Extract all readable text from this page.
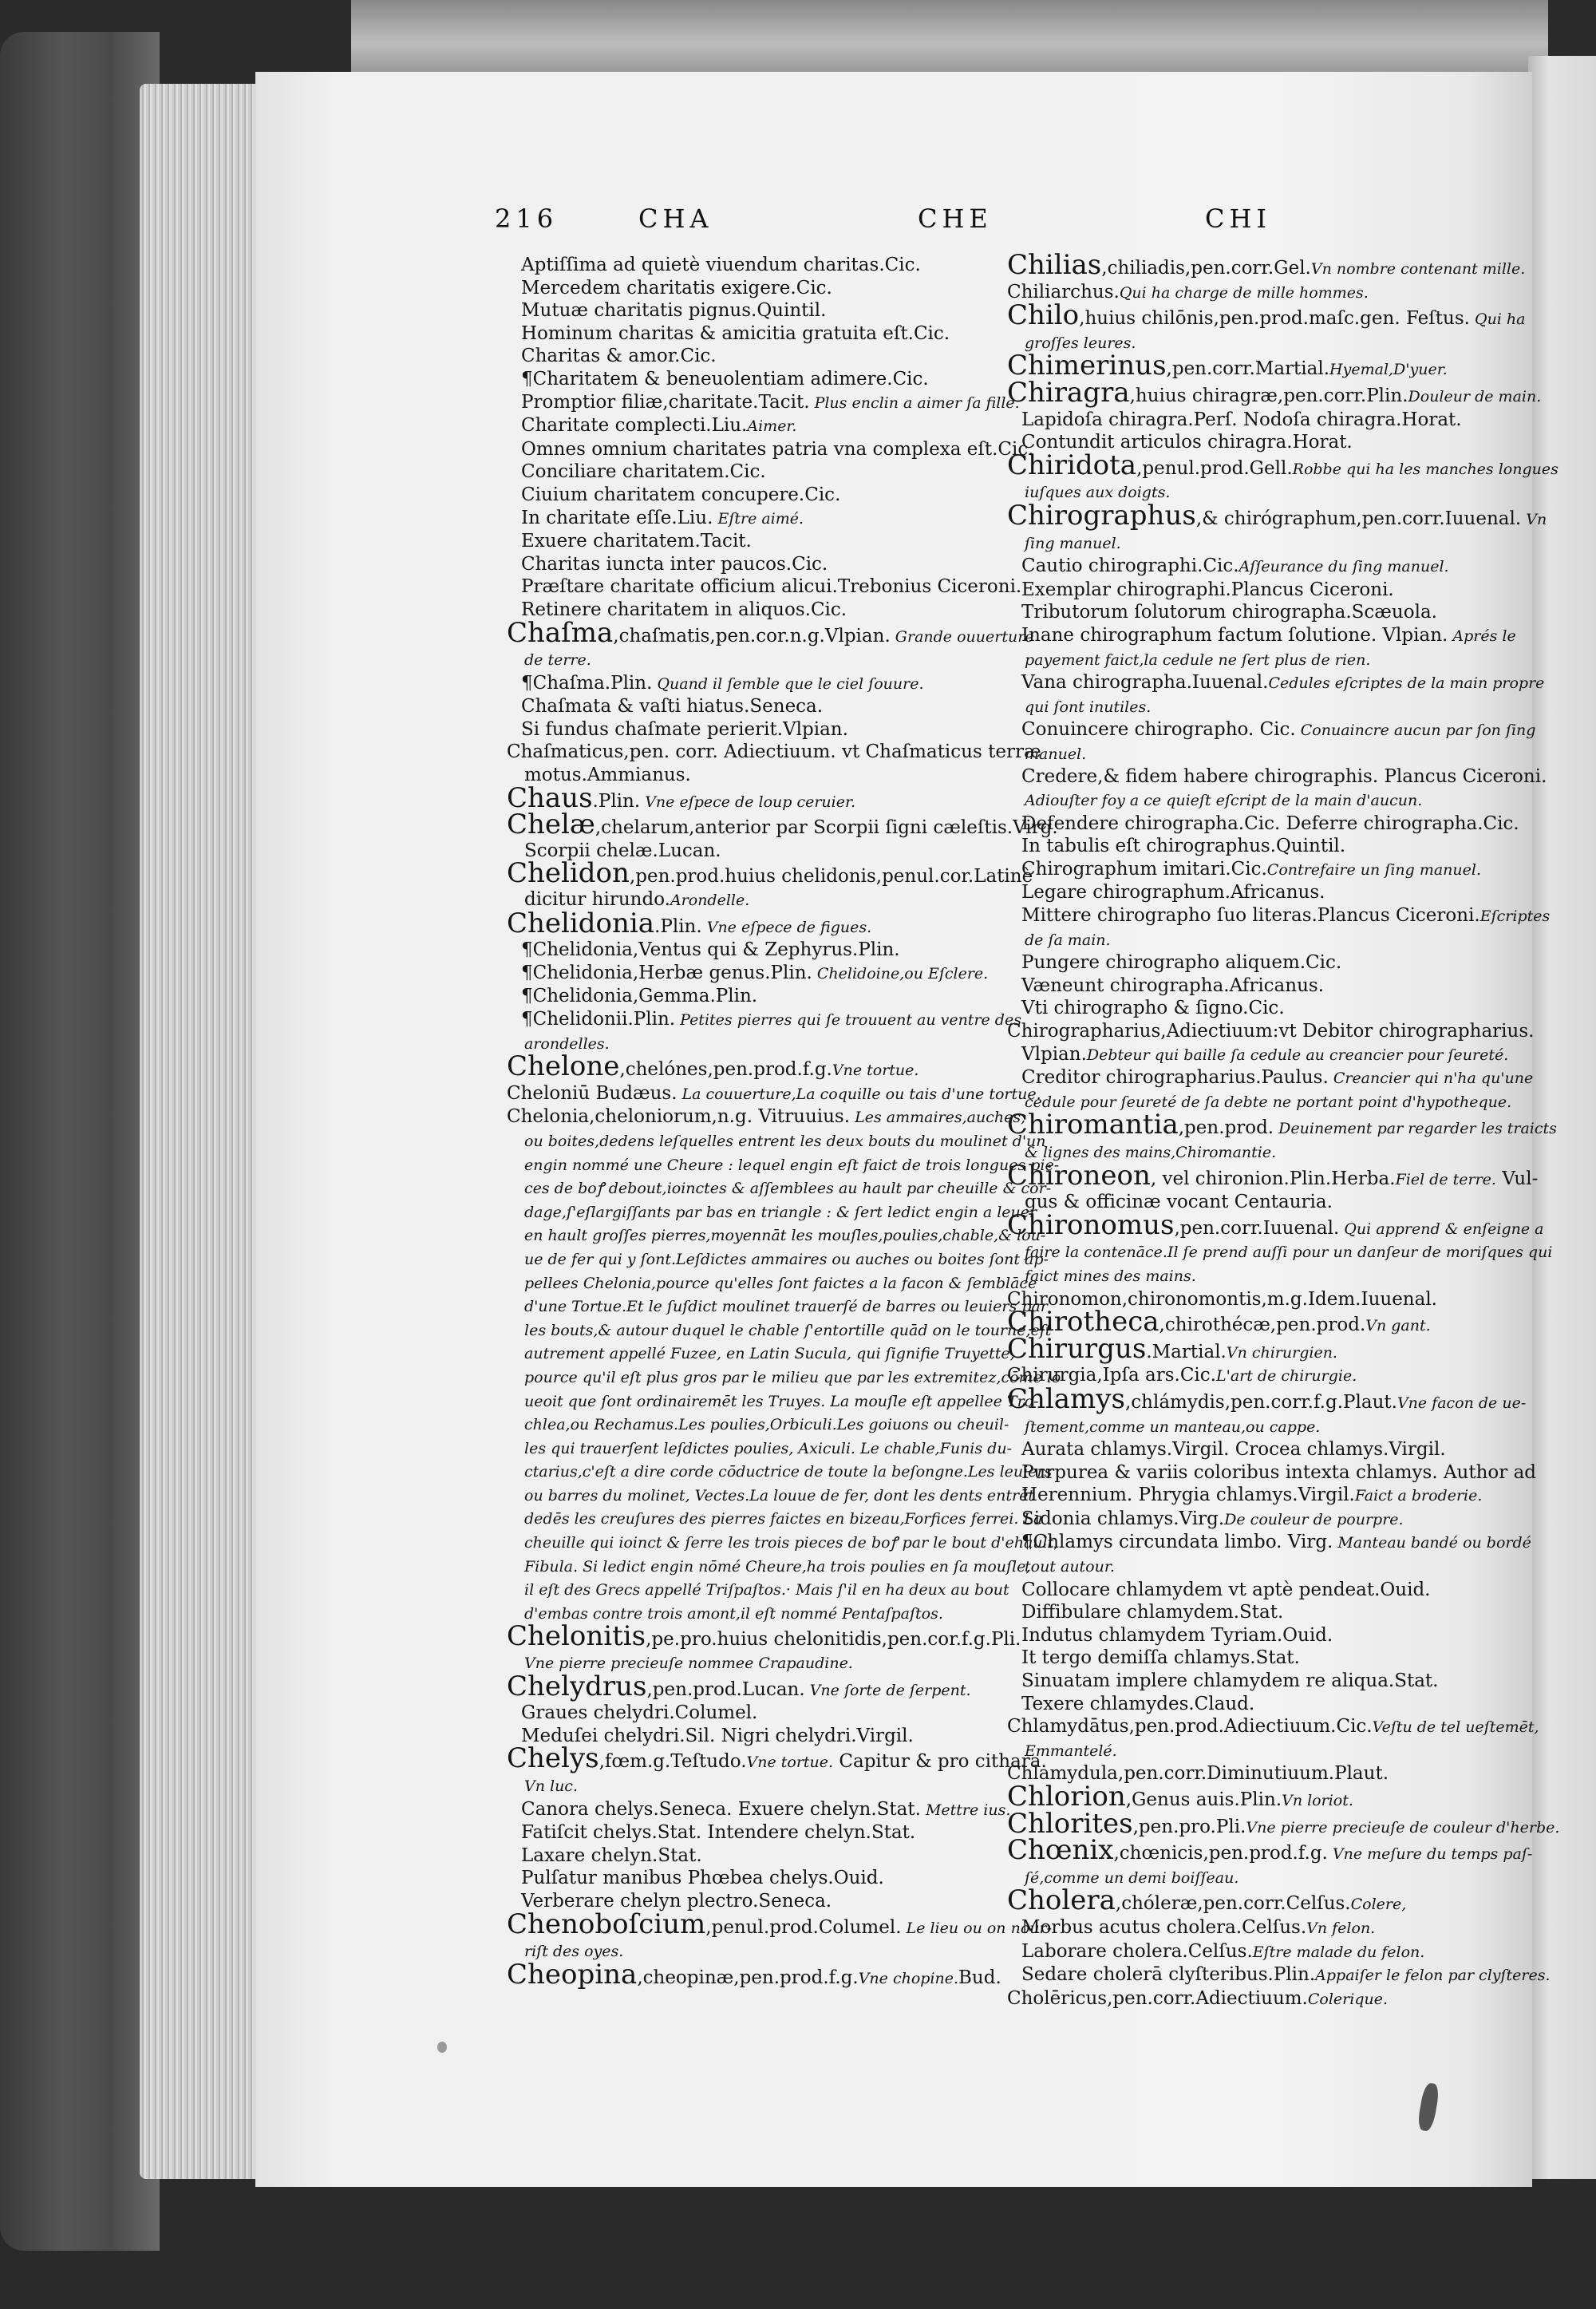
216	CHA	CHE	CHI

Aptiſſima ad quietè viuendum charitas.Cic.

Mercedem charitatis exigere.Cic.

Mutuæ charitatis pignus.Quintil.

Hominum charitas & amicitia gratuita eſt.Cic.

Charitas & amor.Cic.

¶Charitatem & beneuolentiam adimere.Cic.

Promptior filiæ,charitate.Tacit. Plus enclin a aimer ſa fille.

Charitate complecti.Liu.Aimer.

Omnes omnium charitates patria vna complexa eſt.Cic.

Conciliare charitatem.Cic.

Ciuium charitatem concupere.Cic.

In charitate eſſe.Liu. Eſtre aimé.

Exuere charitatem.Tacit.

Charitas iuncta inter paucos.Cic.

Præſtare charitate officium alicui.Trebonius Ciceroni.

Retinere charitatem in aliquos.Cic.

Chaſma,chaſmatis,pen.cor.n.g.Vlpian. Grande ouuerture

de terre.

¶Chaſma.Plin. Quand il ſemble que le ciel ſouure.

Chaſmata & vaſti hiatus.Seneca.

Si fundus chaſmate perierit.Vlpian.

Chaſmaticus,pen. corr. Adiectiuum. vt Chaſmaticus terræ

motus.Ammianus.

Chaus.Plin. Vne eſpece de loup ceruier.

Chelæ,chelarum,anterior par Scorpii ſigni cæleſtis.Virg.

Scorpii chelæ.Lucan.

Chelidon,pen.prod.huius chelidonis,penul.cor.Latinè

dicitur hirundo.Arondelle.

Chelidonia.Plin. Vne eſpece de figues.

¶Chelidonia,Ventus qui & Zephyrus.Plin.

¶Chelidonia,Herbæ genus.Plin. Chelidoine,ou Eſclere.

¶Chelidonia,Gemma.Plin.

¶Chelidonii.Plin. Petites pierres qui ſe trouuent au ventre des

arondelles.

Chelone,chelónes,pen.prod.f.g.Vne tortue.

Cheloniū Budæus. La couuerture,La coquille ou tais d'une tortue.

Chelonia,cheloniorum,n.g. Vitruuius. Les ammaires,auches,

ou boites,dedens leſquelles entrent les deux bouts du moulinet d'un

engin nommé une Cheure : lequel engin eſt faict de trois longues pie-

ces de boꝭ debout,ioinctes & aſſemblees au hault par cheuille & cor-

dage,ſ'eſlargiſſants par bas en triangle : & ſert ledict engin a leuer

en hault groſſes pierres,moyennāt les mouſles,poulies,chable,& lou-

ue de fer qui y ſont.Leſdictes ammaires ou auches ou boites ſont ap-

pellees Chelonia,pource qu'elles ſont faictes a la facon & ſemblāce

d'une Tortue.Et le ſuſdict moulinet trauerſé de barres ou leuiers par

les bouts,& autour duquel le chable ſ'entortille quād on le tourne,eſt

autrement appellé Fuzee, en Latin Sucula, qui ſignifie Truyette,

pource qu'il eſt plus gros par le milieu que par les extremitez,cōme lō

ueoit que ſont ordinairemēt les Truyes. La mouſle eſt appellee Tro-

chlea,ou Rechamus.Les poulies,Orbiculi.Les goiuons ou cheuil-

les qui trauerſent leſdictes poulies, Axiculi. Le chable,Funis du-

ctarius,c'eſt a dire corde cōductrice de toute la beſongne.Les leuiers

ou barres du molinet, Vectes.La louue de fer, dont les dents entrēt

dedēs les creuſures des pierres faictes en bizeau,Forfices ferrei. La

cheuille qui ioinct & ſerre les trois pieces de boꝭ par le bout d'ehault,

Fibula. Si ledict engin nōmé Cheure,ha trois poulies en ſa mouſle,

il eſt des Grecs appellé Triſpaſtos.· Mais ſ'il en ha deux au bout

d'embas contre trois amont,il eſt nommé Pentaſpaſtos.

Chelonitis,pe.pro.huius chelonitidis,pen.cor.f.g.Pli.

Vne pierre precieuſe nommee Crapaudine.

Chelydrus,pen.prod.Lucan. Vne ſorte de ſerpent.

Graues chelydri.Columel.

Meduſei chelydri.Sil. Nigri chelydri.Virgil.

Chelys,fœm.g.Teſtudo.Vne tortue. Capitur & pro cithara.

Vn luc.

Canora chelys.Seneca. Exuere chelyn.Stat. Mettre ius.

Fatiſcit chelys.Stat. Intendere chelyn.Stat.

Laxare chelyn.Stat.

Pulſatur manibus Phœbea chelys.Ouid.

Verberare chelyn plectro.Seneca.

Chenoboſcium,penul.prod.Columel. Le lieu ou on nour-

riſt des oyes.

Cheopina,cheopinæ,pen.prod.f.g.Vne chopine.Bud.

Chilias,chiliadis,pen.corr.Gel.Vn nombre contenant mille.

Chiliarchus.Qui ha charge de mille hommes.

Chilo,huius chilōnis,pen.prod.maſc.gen. Feſtus. Qui ha

groſſes leures.

Chimerinus,pen.corr.Martial.Hyemal,D'yuer.

Chiragra,huius chiragræ,pen.corr.Plin.Douleur de main.

Lapidoſa chiragra.Perſ. Nodoſa chiragra.Horat.

Contundit articulos chiragra.Horat.

Chiridota,penul.prod.Gell.Robbe qui ha les manches longues

iuſques aux doigts.

Chirographus,& chirógraphum,pen.corr.Iuuenal. Vn

ſing manuel.

Cautio chirographi.Cic.Aſſeurance du ſing manuel.

Exemplar chirographi.Plancus Ciceroni.

Tributorum ſolutorum chirographa.Scæuola.

Inane chirographum factum ſolutione. Vlpian. Aprés le

payement faict,la cedule ne ſert plus de rien.

Vana chirographa.Iuuenal.Cedules eſcriptes de la main propre

qui ſont inutiles.

Conuincere chirographo. Cic. Conuaincre aucun par ſon ſing

manuel.

Credere,& fidem habere chirographis. Plancus Ciceroni.

Adiouſter foy a ce quieſt eſcript de la main d'aucun.

Defendere chirographa.Cic. Deferre chirographa.Cic.

In tabulis eſt chirographus.Quintil.

Chirographum imitari.Cic.Contrefaire un ſing manuel.

Legare chirographum.Africanus.

Mittere chirographo ſuo literas.Plancus Ciceroni.Eſcriptes

de ſa main.

Pungere chirographo aliquem.Cic.

Væneunt chirographa.Africanus.

Vti chirographo & ſigno.Cic.

Chirographarius,Adiectiuum:vt Debitor chirographarius.

Vlpian.Debteur qui baille ſa cedule au creancier pour ſeureté.

Creditor chirographarius.Paulus. Creancier qui n'ha qu'une

cedule pour ſeureté de ſa debte ne portant point d'hypotheque.

Chiromantia,pen.prod. Deuinement par regarder les traicts

& lignes des mains,Chiromantie.

Chironeon, vel chironion.Plin.Herba.Fiel de terre. Vul-

gus & officinæ vocant Centauria.

Chironomus,pen.corr.Iuuenal. Qui apprend & enſeigne a

faire la contenāce.Il ſe prend auſſi pour un danſeur de moriſques qui

faict mines des mains.

Chironomon,chironomontis,m.g.Idem.Iuuenal.

Chirotheca,chirothécæ,pen.prod.Vn gant.

Chirurgus.Martial.Vn chirurgien.

Chirurgia,Ipſa ars.Cic.L'art de chirurgie.

Chlamys,chlámydis,pen.corr.f.g.Plaut.Vne facon de ue-

ſtement,comme un manteau,ou cappe.

Aurata chlamys.Virgil. Crocea chlamys.Virgil.

Purpurea & variis coloribus intexta chlamys. Author ad

Herennium. Phrygia chlamys.Virgil.Faict a broderie.

Sidonia chlamys.Virg.De couleur de pourpre.

¶Chlamys circundata limbo. Virg. Manteau bandé ou bordé

tout autour.

Collocare chlamydem vt aptè pendeat.Ouid.

Diffibulare chlamydem.Stat.

Indutus chlamydem Tyriam.Ouid.

It tergo demiſſa chlamys.Stat.

Sinuatam implere chlamydem re aliqua.Stat.

Texere chlamydes.Claud.

Chlamydātus,pen.prod.Adiectiuum.Cic.Veſtu de tel ueſtemēt,

Emmantelé.

Chlamydula,pen.corr.Diminutiuum.Plaut.

Chlorion,Genus auis.Plin.Vn loriot.

Chlorites,pen.pro.Pli.Vne pierre precieuſe de couleur d'herbe.

Chœnix,chœnicis,pen.prod.f.g. Vne meſure du temps paſ-

ſé,comme un demi boiſſeau.

Cholera,chóleræ,pen.corr.Celſus.Colere,

Morbus acutus cholera.Celſus.Vn felon.

Laborare cholera.Celſus.Eſtre malade du felon.

Sedare cholerā clyſteribus.Plin.Appaiſer le felon par clyſteres.

Cholēricus,pen.corr.Adiectiuum.Colerique.
